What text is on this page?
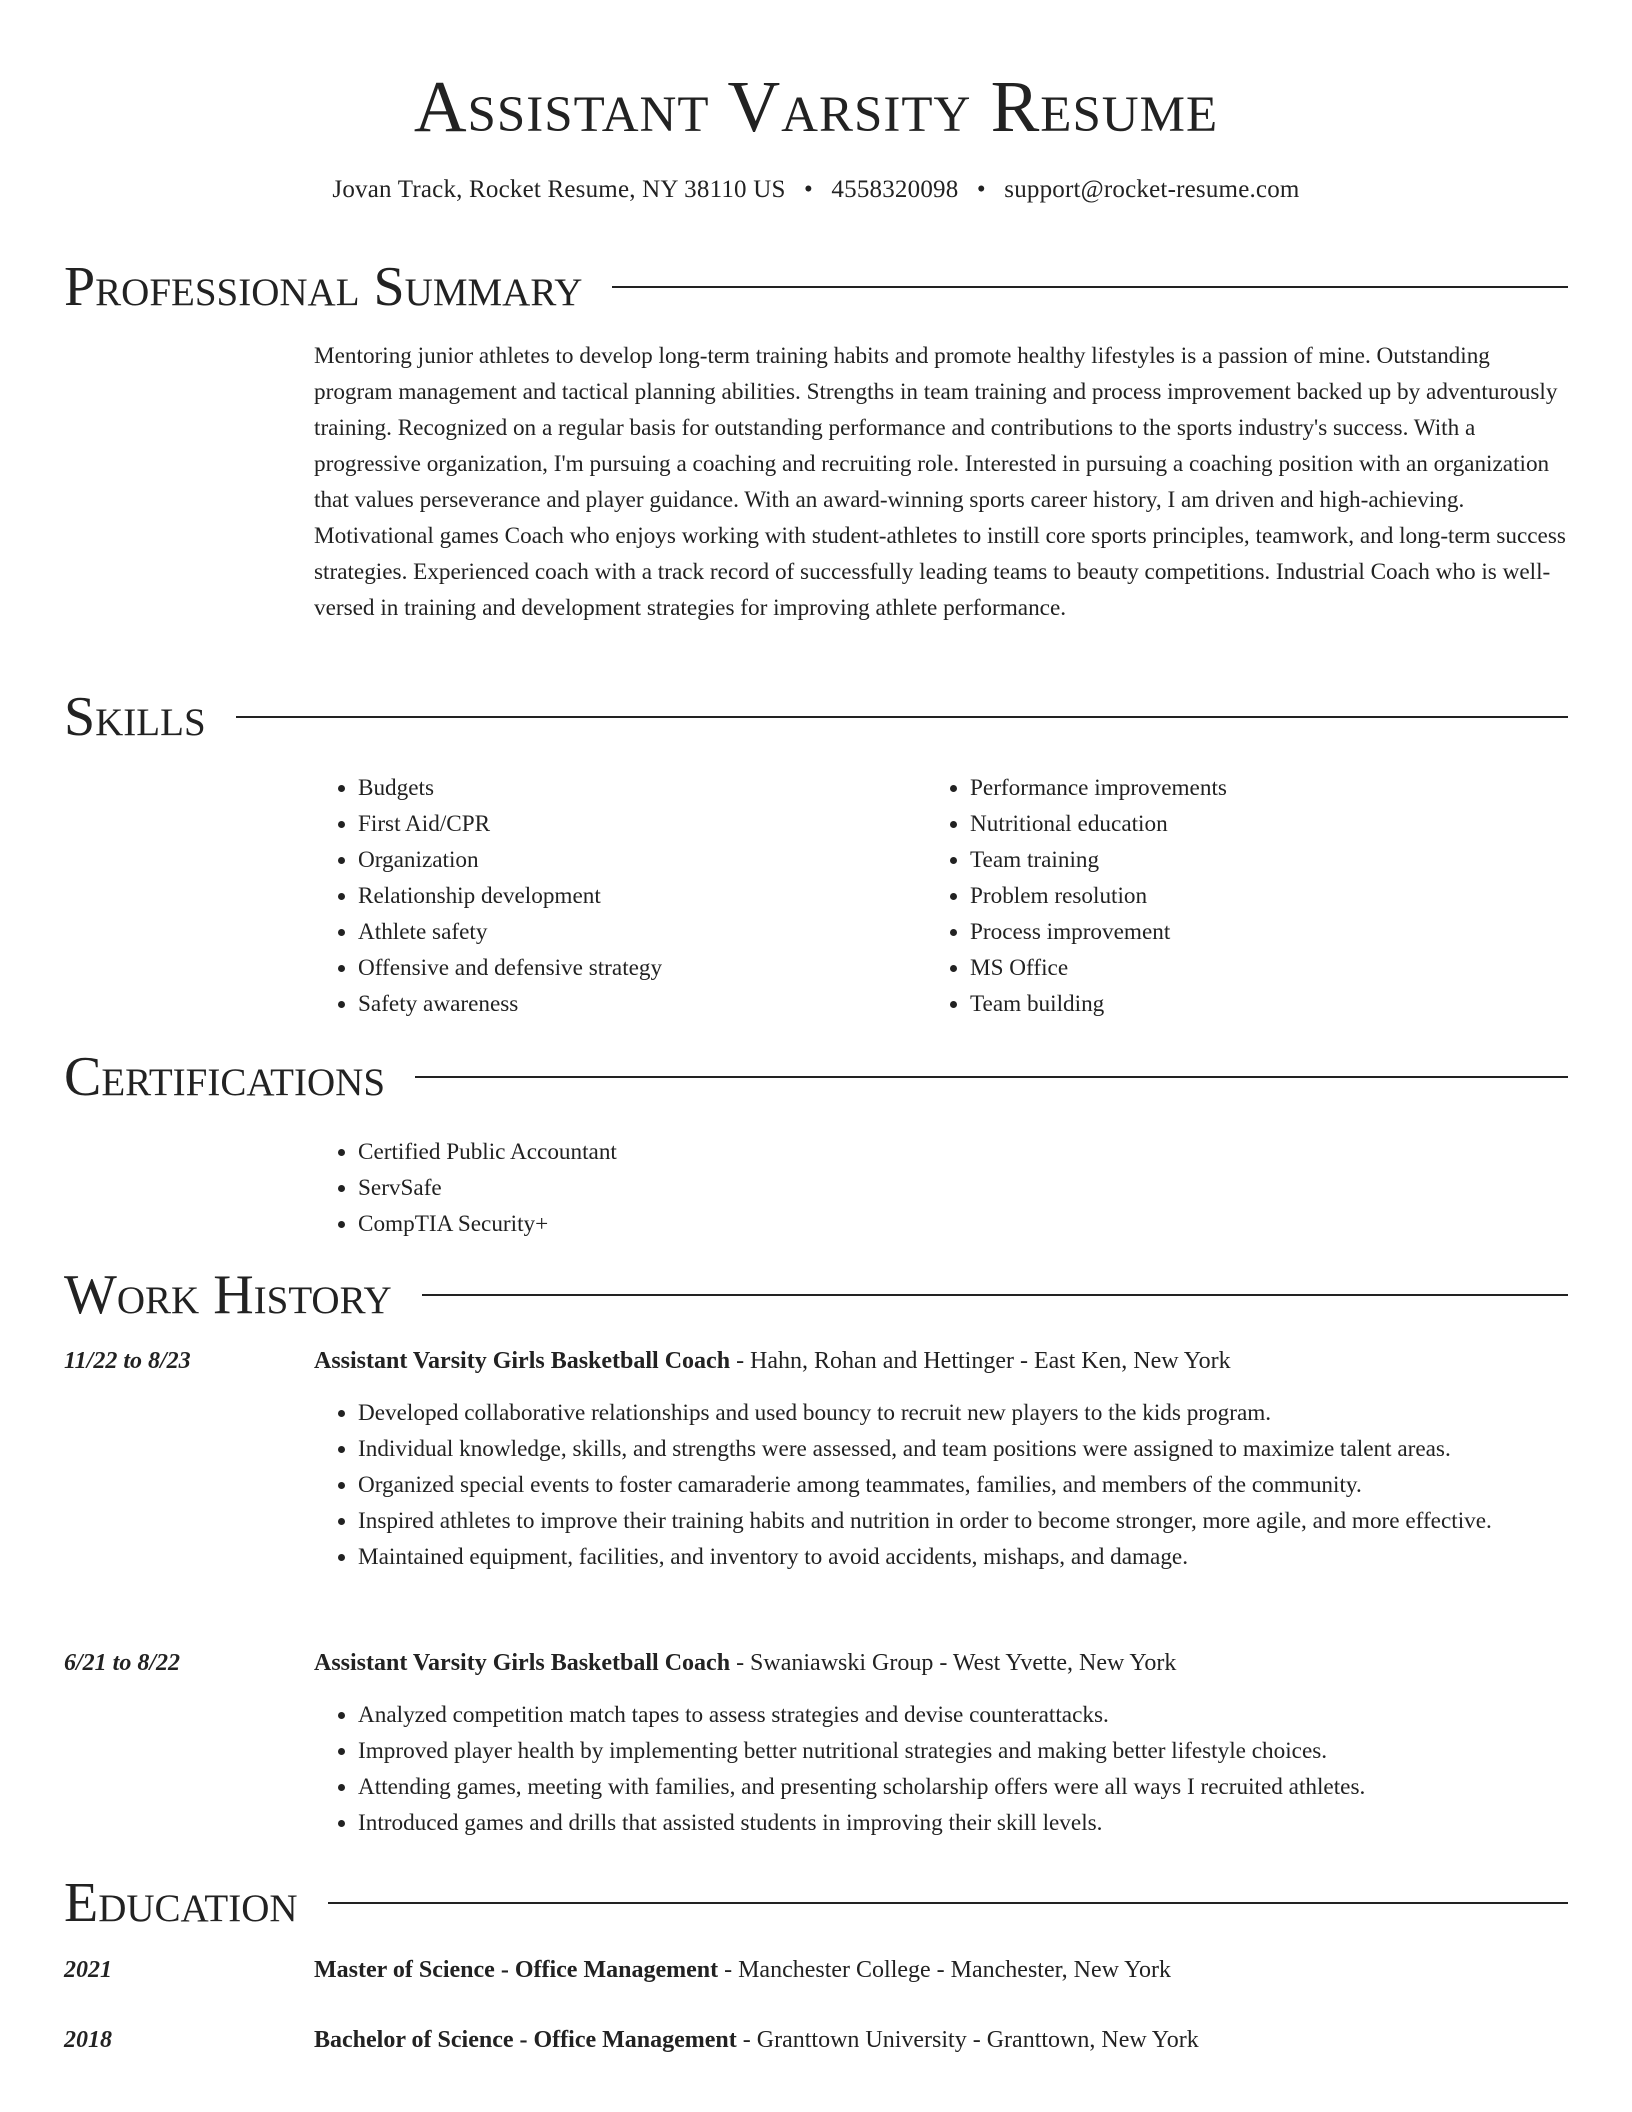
Assistant Varsity Resume
Jovan Track, Rocket Resume, NY 38110 US • 4558320098 • support@rocket-resume.com
Professional Summary

Mentoring junior athletes to develop long-term training habits and promote healthy lifestyles is a passion of mine. Outstanding program management and tactical planning abilities. Strengths in team training and process improvement backed up by adventurously training. Recognized on a regular basis for outstanding performance and contributions to the sports industry's success. With a progressive organization, I'm pursuing a coaching and recruiting role. Interested in pursuing a coaching position with an organization that values perseverance and player guidance. With an award-winning sports career history, I am driven and high-achieving. Motivational games Coach who enjoys working with student-athletes to instill core sports principles, teamwork, and long-term success strategies. Experienced coach with a track record of successfully leading teams to beauty competitions. Industrial Coach who is well-versed in training and development strategies for improving athlete performance.

Skills
• Budgets
• First Aid/CPR
• Organization
• Relationship development
• Athlete safety
• Offensive and defensive strategy
• Safety awareness
• Performance improvements
• Nutritional education
• Team training
• Problem resolution
• Process improvement
• MS Office
• Team building
Certifications
• Certified Public Accountant
• ServSafe
• CompTIA Security+
Work History
11/22 to 8/23	Assistant Varsity Girls Basketball Coach - Hahn, Rohan and Hettinger - East Ken, New York
• Developed collaborative relationships and used bouncy to recruit new players to the kids program.
• Individual knowledge, skills, and strengths were assessed, and team positions were assigned to maximize talent areas.
• Organized special events to foster camaraderie among teammates, families, and members of the community.
• Inspired athletes to improve their training habits and nutrition in order to become stronger, more agile, and more effective.
• Maintained equipment, facilities, and inventory to avoid accidents, mishaps, and damage.
6/21 to 8/22	Assistant Varsity Girls Basketball Coach - Swaniawski Group - West Yvette, New York
• Analyzed competition match tapes to assess strategies and devise counterattacks.
• Improved player health by implementing better nutritional strategies and making better lifestyle choices.
• Attending games, meeting with families, and presenting scholarship offers were all ways I recruited athletes.
• Introduced games and drills that assisted students in improving their skill levels.
Education
2021	Master of Science - Office Management - Manchester College - Manchester, New York
2018	Bachelor of Science - Office Management - Granttown University - Granttown, New York
